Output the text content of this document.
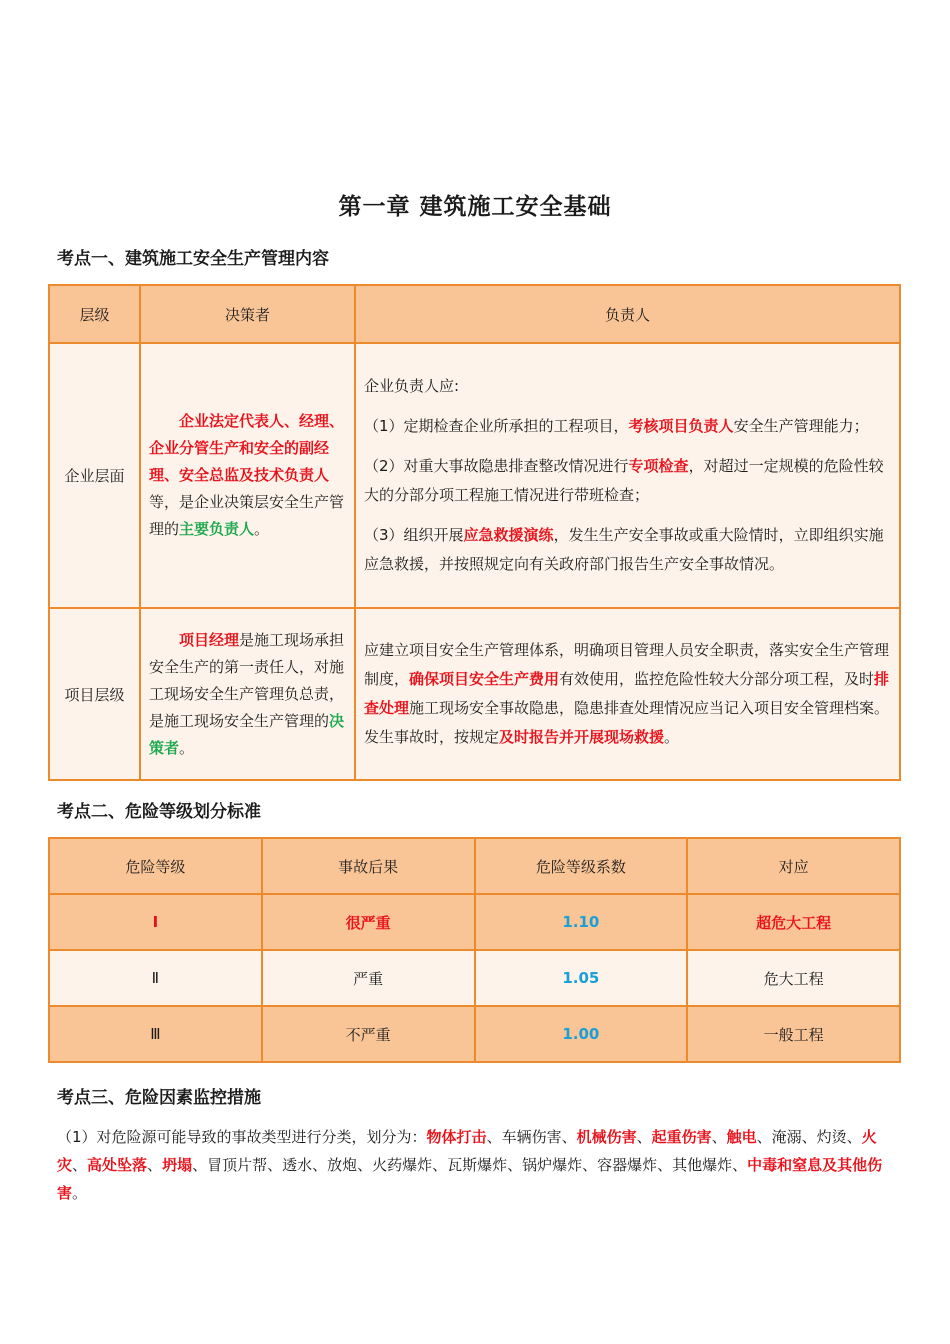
第一章 建筑施工安全基础
考点一、建筑施工安全生产管理内容
层级	决策者	负责人
企业层面	企业法定代表人、经理、企业分管生产和安全的副经理、安全总监及技术负责人等，是企业决策层安全生产管理的主要负责人。	企业负责人应:

（1）定期检查企业所承担的工程项目，考核项目负责人安全生产管理能力；

（2）对重大事故隐患排查整改情况进行专项检查，对超过一定规模的危险性较大的分部分项工程施工情况进行带班检查；

（3）组织开展应急救援演练，发生生产安全事故或重大险情时，立即组织实施应急救援，并按照规定向有关政府部门报告生产安全事故情况。

项目层级	项目经理是施工现场承担安全生产的第一责任人，对施工现场安全生产管理负总责，是施工现场安全生产管理的决策者。	应建立项目安全生产管理体系，明确项目管理人员安全职责，落实安全生产管理制度，确保项目安全生产费用有效使用，监控危险性较大分部分项工程，及时排查处理施工现场安全事故隐患，隐患排查处理情况应当记入项目安全管理档案。发生事故时，按规定及时报告并开展现场救援。
考点二、危险等级划分标准
危险等级	事故后果	危险等级系数	对应
Ⅰ	很严重	1.10	超危大工程
Ⅱ	严重	1.05	危大工程
Ⅲ	不严重	1.00	一般工程
考点三、危险因素监控措施
（1）对危险源可能导致的事故类型进行分类，划分为：物体打击、车辆伤害、机械伤害、起重伤害、触电、淹溺、灼烫、火灾、高处坠落、坍塌、冒顶片帮、透水、放炮、火药爆炸、瓦斯爆炸、锅炉爆炸、容器爆炸、其他爆炸、中毒和窒息及其他伤害。
